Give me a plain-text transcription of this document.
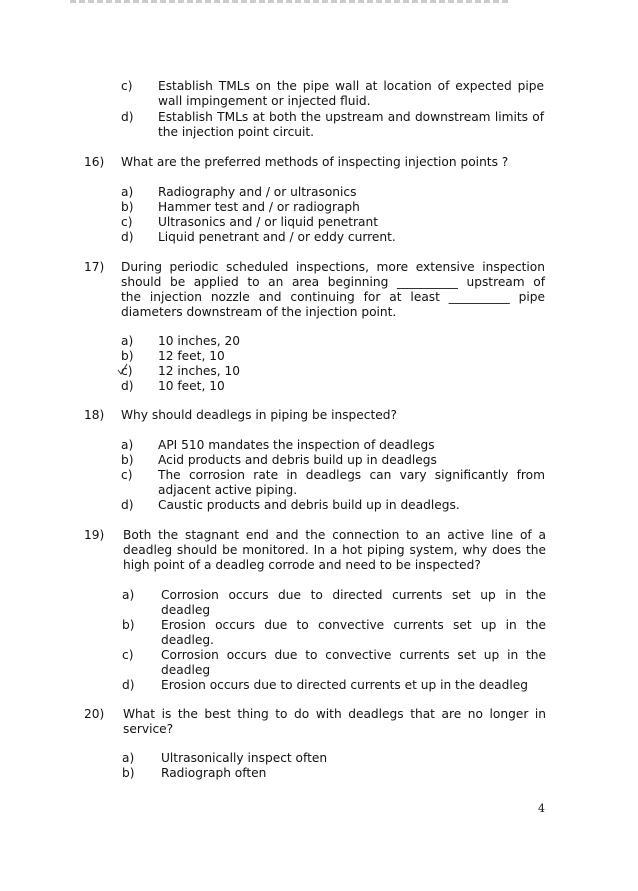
c) Establish TMLs on the pipe wall at location of expected pipe
wall impingement or injected fluid.
d) Establish TMLs at both the upstream and downstream limits of
the injection point circuit.
16) What are the preferred methods of inspecting injection points ?
a) Radiography and / or ultrasonics
b) Hammer test and / or radiograph
c) Ultrasonics and / or liquid penetrant
d) Liquid penetrant and / or eddy current.
17) During periodic scheduled inspections, more extensive inspection
should be applied to an area beginning __________ upstream of
the injection nozzle and continuing for at least __________ pipe
diameters downstream of the injection point.
a) 10 inches, 20
b) 12 feet, 10
c) 12 inches, 10
d) 10 feet, 10
18) Why should deadlegs in piping be inspected?
a) API 510 mandates the inspection of deadlegs
b) Acid products and debris build up in deadlegs
c) The corrosion rate in deadlegs can vary significantly from
adjacent active piping.
d) Caustic products and debris build up in deadlegs.
19) Both the stagnant end and the connection to an active line of a
deadleg should be monitored. In a hot piping system, why does the
high point of a deadleg corrode and need to be inspected?
a) Corrosion occurs due to directed currents set up in the
deadleg
b) Erosion occurs due to convective currents set up in the
deadleg.
c) Corrosion occurs due to convective currents set up in the
deadleg
d) Erosion occurs due to directed currents et up in the deadleg
20) What is the best thing to do with deadlegs that are no longer in
service?
a) Ultrasonically inspect often
b) Radiograph often
4
